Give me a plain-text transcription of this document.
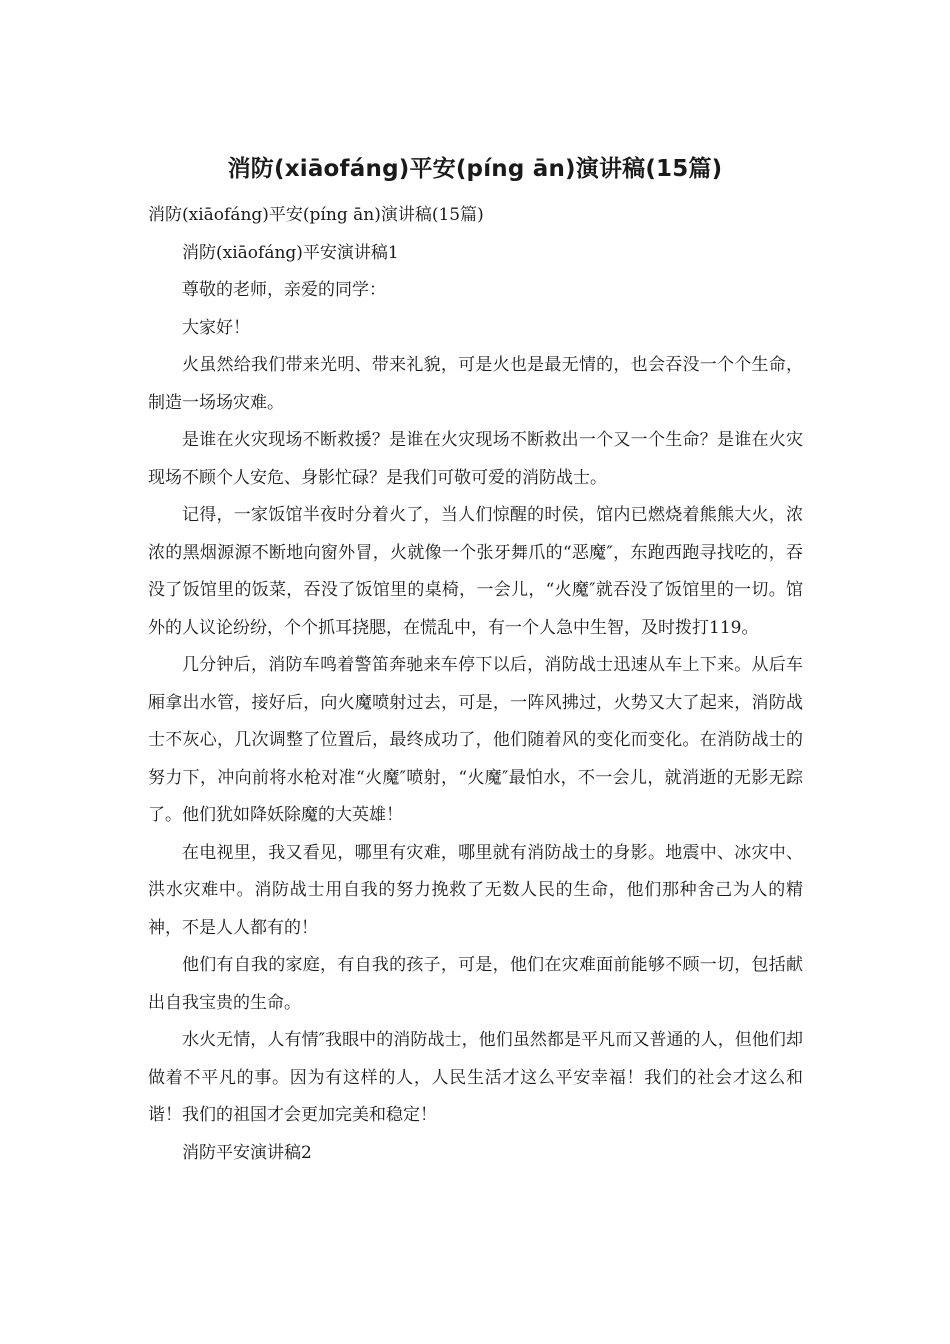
消防(xiāofáng)平安(píng ān)演讲稿(15篇)

消防(xiāofáng)平安(píng ān)演讲稿(15篇)

消防(xiāofáng)平安演讲稿1

尊敬的老师，亲爱的同学：

大家好！

火虽然给我们带来光明、带来礼貌，可是火也是最无情的，也会吞没一个个生命，制造一场场灾难。

是谁在火灾现场不断救援？是谁在火灾现场不断救出一个又一个生命？是谁在火灾现场不顾个人安危、身影忙碌？是我们可敬可爱的消防战士。

记得，一家饭馆半夜时分着火了，当人们惊醒的时侯，馆内已燃烧着熊熊大火，浓浓的黑烟源源不断地向窗外冒，火就像一个张牙舞爪的“恶魔″，东跑西跑寻找吃的，吞没了饭馆里的饭菜，吞没了饭馆里的桌椅，一会儿，“火魔″就吞没了饭馆里的一切。馆外的人议论纷纷，个个抓耳挠腮，在慌乱中，有一个人急中生智，及时拨打119。

几分钟后，消防车鸣着警笛奔驰来车停下以后，消防战士迅速从车上下来。从后车厢拿出水管，接好后，向火魔喷射过去，可是，一阵风拂过，火势又大了起来，消防战士不灰心，几次调整了位置后，最终成功了，他们随着风的变化而变化。在消防战士的努力下，冲向前将水枪对准“火魔″喷射，“火魔″最怕水，不一会儿，就消逝的无影无踪了。他们犹如降妖除魔的大英雄！

在电视里，我又看见，哪里有灾难，哪里就有消防战士的身影。地震中、冰灾中、洪水灾难中。消防战士用自我的努力挽救了无数人民的生命，他们那种舍己为人的精神，不是人人都有的！

他们有自我的家庭，有自我的孩子，可是，他们在灾难面前能够不顾一切，包括献出自我宝贵的生命。

水火无情，人有情″我眼中的消防战士，他们虽然都是平凡而又普通的人，但他们却做着不平凡的事。因为有这样的人，人民生活才这么平安幸福！我们的社会才这么和谐！我们的祖国才会更加完美和稳定！

消防平安演讲稿2
